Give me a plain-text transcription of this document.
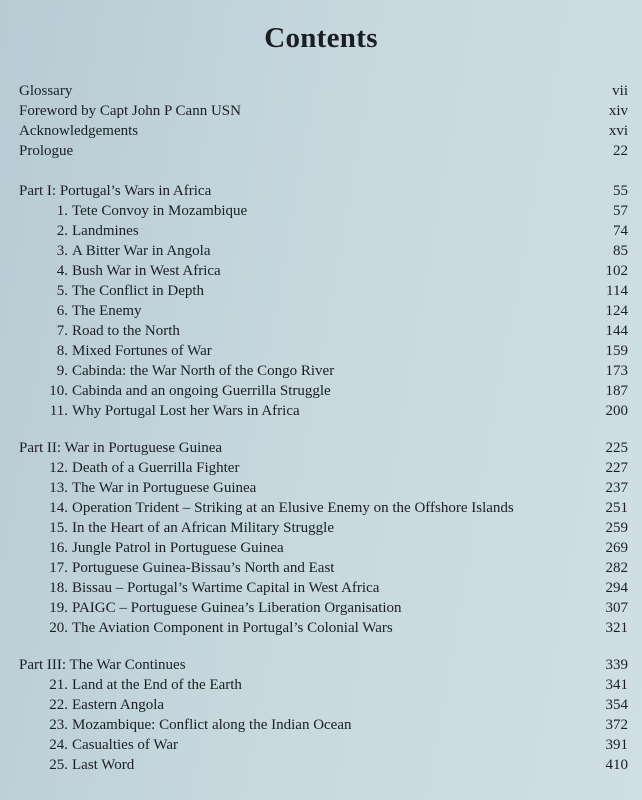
Contents
Glossary	vii
Foreword by Capt John P Cann USN	xiv
Acknowledgements	xvi
Prologue	22
Part I: Portugal’s Wars in Africa	55
1. Tete Convoy in Mozambique	57
2. Landmines	74
3. A Bitter War in Angola	85
4. Bush War in West Africa	102
5. The Conflict in Depth	114
6. The Enemy	124
7. Road to the North	144
8. Mixed Fortunes of War	159
9. Cabinda: the War North of the Congo River	173
10. Cabinda and an ongoing Guerrilla Struggle	187
11. Why Portugal Lost her Wars in Africa	200
Part II: War in Portuguese Guinea	225
12. Death of a Guerrilla Fighter	227
13. The War in Portuguese Guinea	237
14. Operation Trident – Striking at an Elusive Enemy on the Offshore Islands	251
15. In the Heart of an African Military Struggle	259
16. Jungle Patrol in Portuguese Guinea	269
17. Portuguese Guinea-Bissau’s North and East	282
18. Bissau – Portugal’s Wartime Capital in West Africa	294
19. PAIGC – Portuguese Guinea’s Liberation Organisation	307
20. The Aviation Component in Portugal’s Colonial Wars	321
Part III: The War Continues	339
21. Land at the End of the Earth	341
22. Eastern Angola	354
23. Mozambique: Conflict along the Indian Ocean	372
24. Casualties of War	391
25. Last Word	410
